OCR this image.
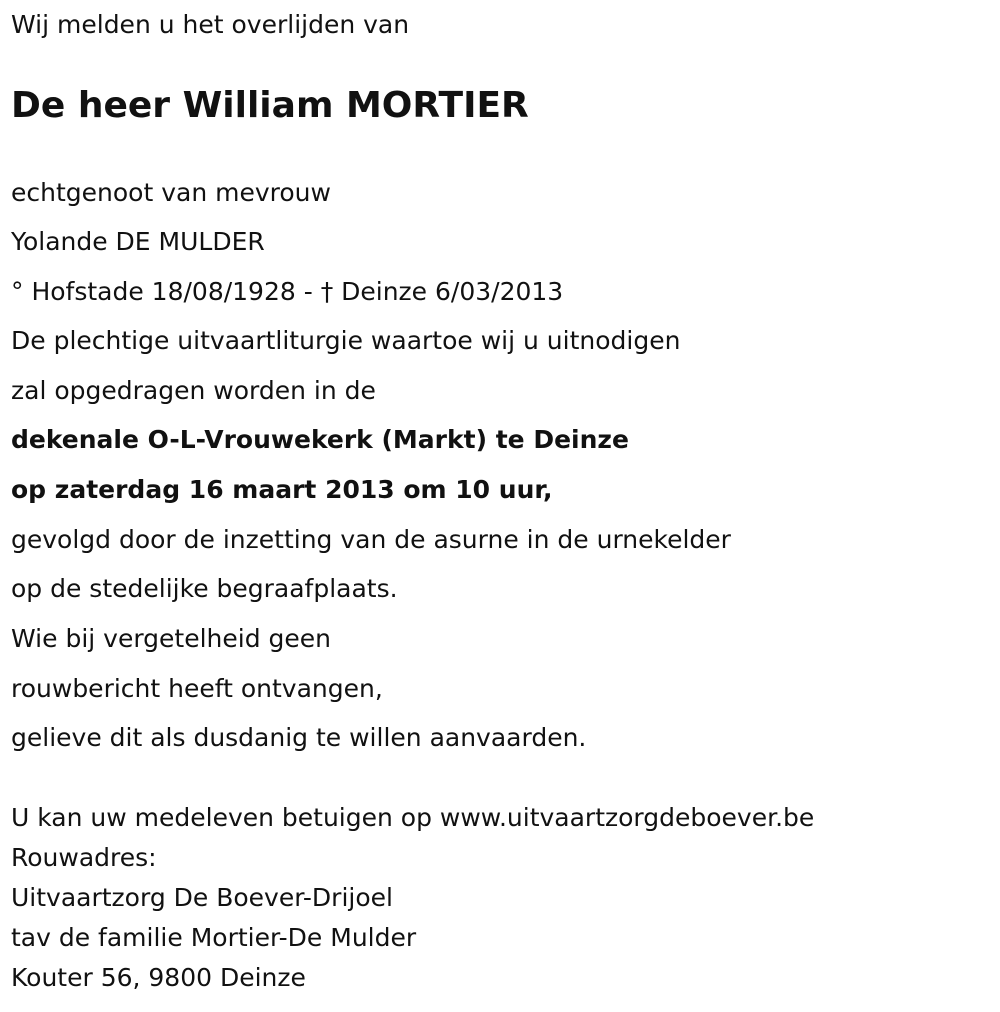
Wij melden u het overlijden van
De heer William MORTIER
echtgenoot van mevrouw
Yolande DE MULDER
° Hofstade 18/08/1928 - † Deinze 6/03/2013
De plechtige uitvaartliturgie waartoe wij u uitnodigen
zal opgedragen worden in de
dekenale O-L-Vrouwekerk (Markt) te Deinze
op zaterdag 16 maart 2013 om 10 uur,
gevolgd door de inzetting van de asurne in de urnekelder
op de stedelijke begraafplaats.
Wie bij vergetelheid geen
rouwbericht heeft ontvangen,
gelieve dit als dusdanig te willen aanvaarden.
U kan uw medeleven betuigen op www.uitvaartzorgdeboever.be
Rouwadres:
Uitvaartzorg De Boever-Drijoel
tav de familie Mortier-De Mulder
Kouter 56, 9800 Deinze
